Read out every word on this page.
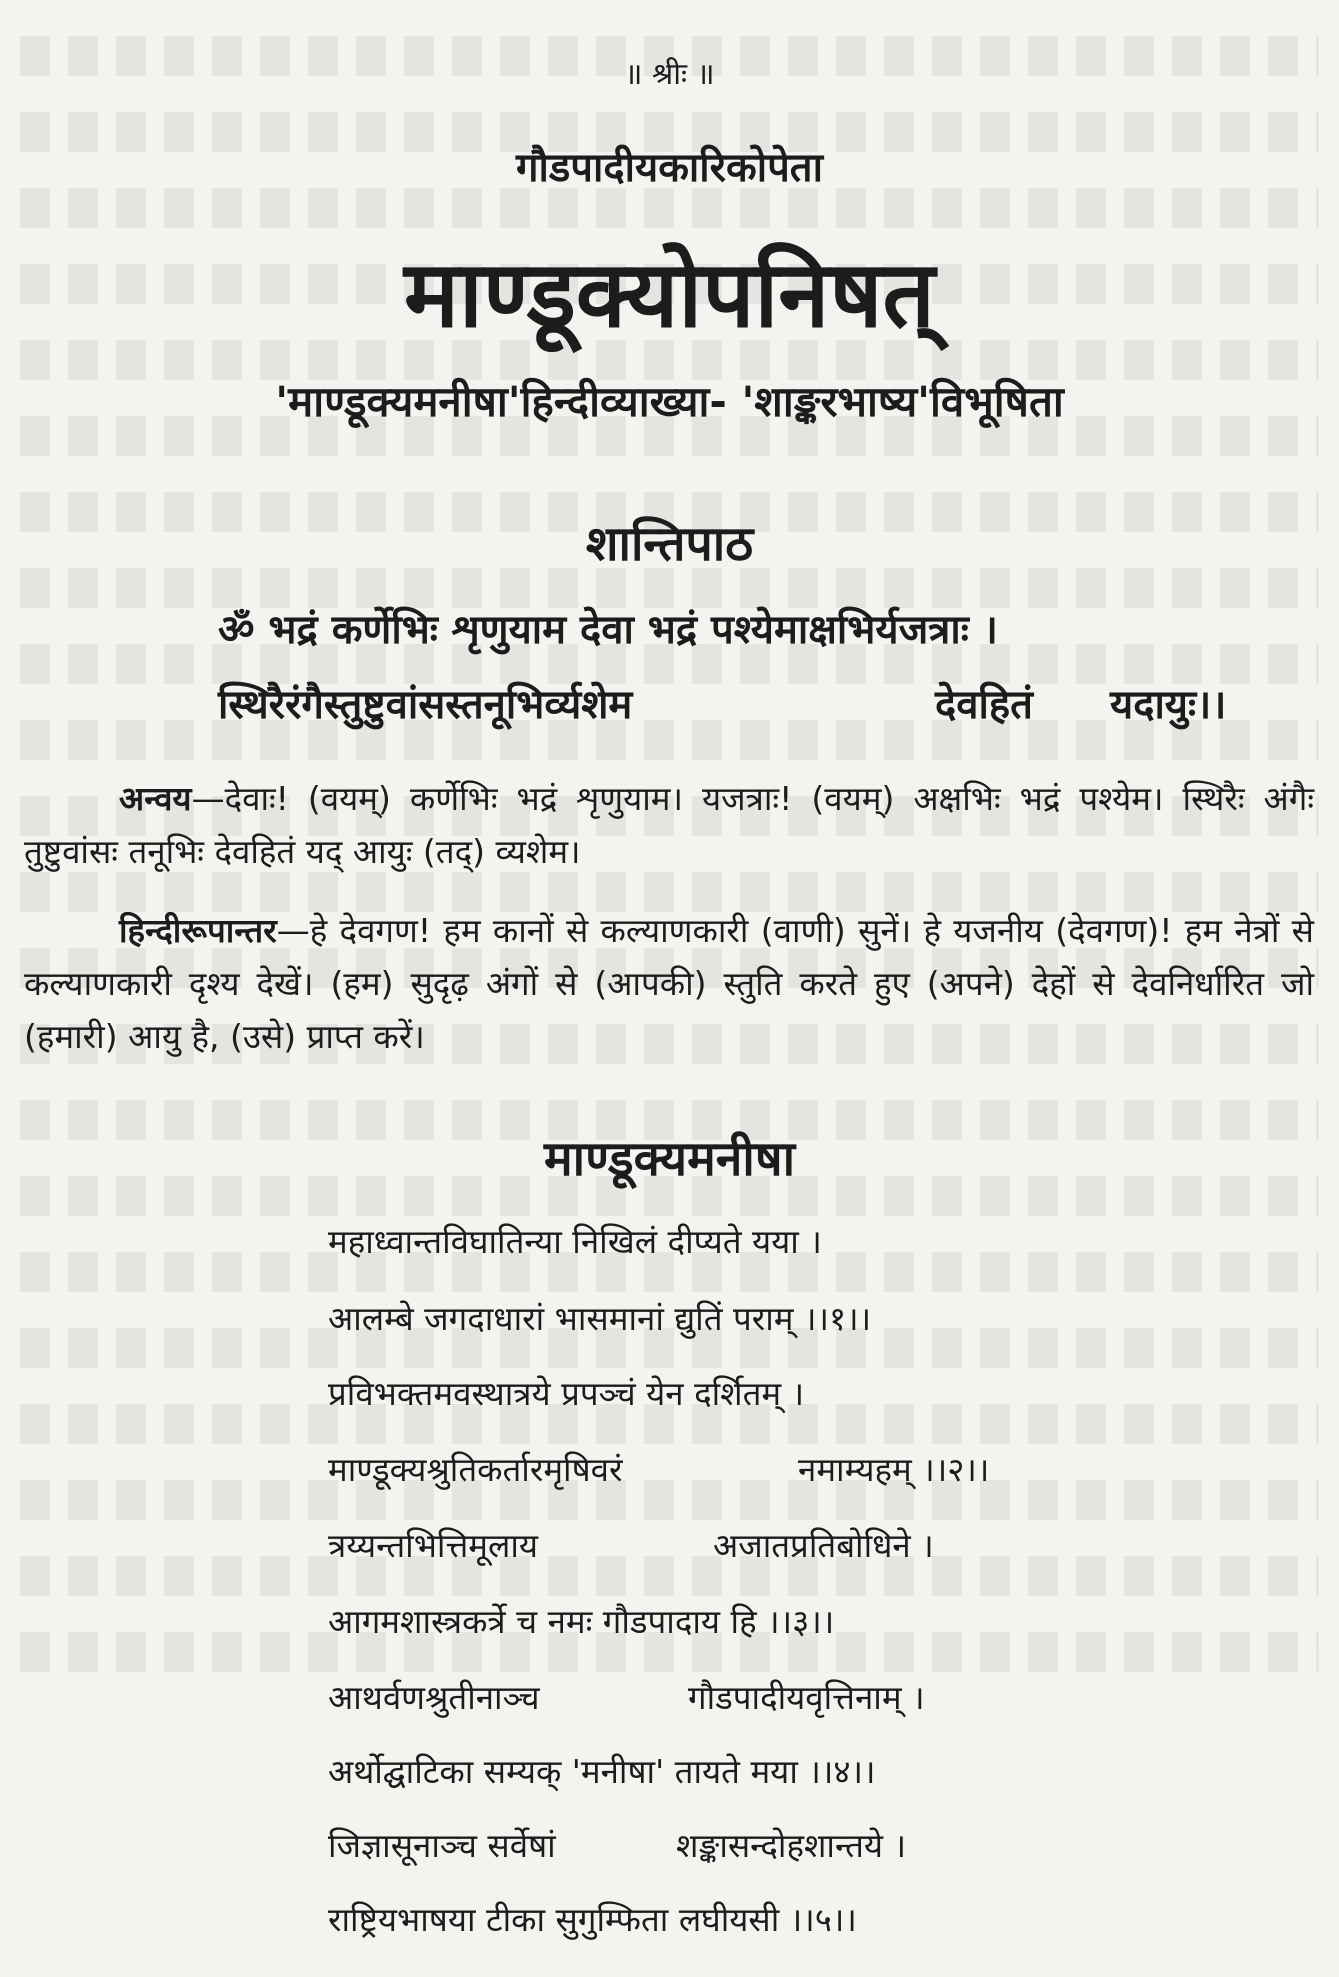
॥ श्रीः ॥
गौडपादीयकारिकोपेता
माण्डूक्योपनिषत्
'माण्डूक्यमनीषा'हिन्दीव्याख्या- 'शाङ्करभाष्य'विभूषिता
शान्तिपाठ
ॐ भद्रं कर्णेभिः शृणुयाम देवा भद्रं पश्येमाक्षभिर्यजत्राः ।
स्थिरैरंगैस्तुष्टुवांसस्तनूभिर्व्यशेम	देवहितं यदायुः।।
अन्वय—देवाः! (वयम्) कर्णेभिः भद्रं शृणुयाम। यजत्राः! (वयम्) अक्षभिः भद्रं पश्येम। स्थिरैः अंगैः तुष्टुवांसः तनूभिः देवहितं यद् आयुः (तद्) व्यशेम।
हिन्दीरूपान्तर—हे देवगण! हम कानों से कल्याणकारी (वाणी) सुनें। हे यजनीय (देवगण)! हम नेत्रों से कल्याणकारी दृश्य देखें। (हम) सुदृढ़ अंगों से (आपकी) स्तुति करते हुए (अपने) देहों से देवनिर्धारित जो (हमारी) आयु है, (उसे) प्राप्त करें।
माण्डूक्यमनीषा
महाध्वान्तविघातिन्या निखिलं दीप्यते यया ।
आलम्बे जगदाधारां भासमानां द्युतिं पराम् ।।१।।
प्रविभक्तमवस्थात्रये प्रपञ्चं येन दर्शितम् ।
माण्डूक्यश्रुतिकर्तारमृषिवरं	नमाम्यहम् ।।२।।
त्रय्यन्तभित्तिमूलाय	अजातप्रतिबोधिने ।
आगमशास्त्रकर्त्रे च नमः गौडपादाय हि ।।३।।
आथर्वणश्रुतीनाञ्च	गौडपादीयवृत्तिनाम् ।
अर्थोद्घाटिका सम्यक् 'मनीषा' तायते मया ।।४।।
जिज्ञासूनाञ्च सर्वेषां	शङ्कासन्दोहशान्तये ।
राष्ट्रियभाषया टीका सुगुम्फिता लघीयसी ।।५।।
